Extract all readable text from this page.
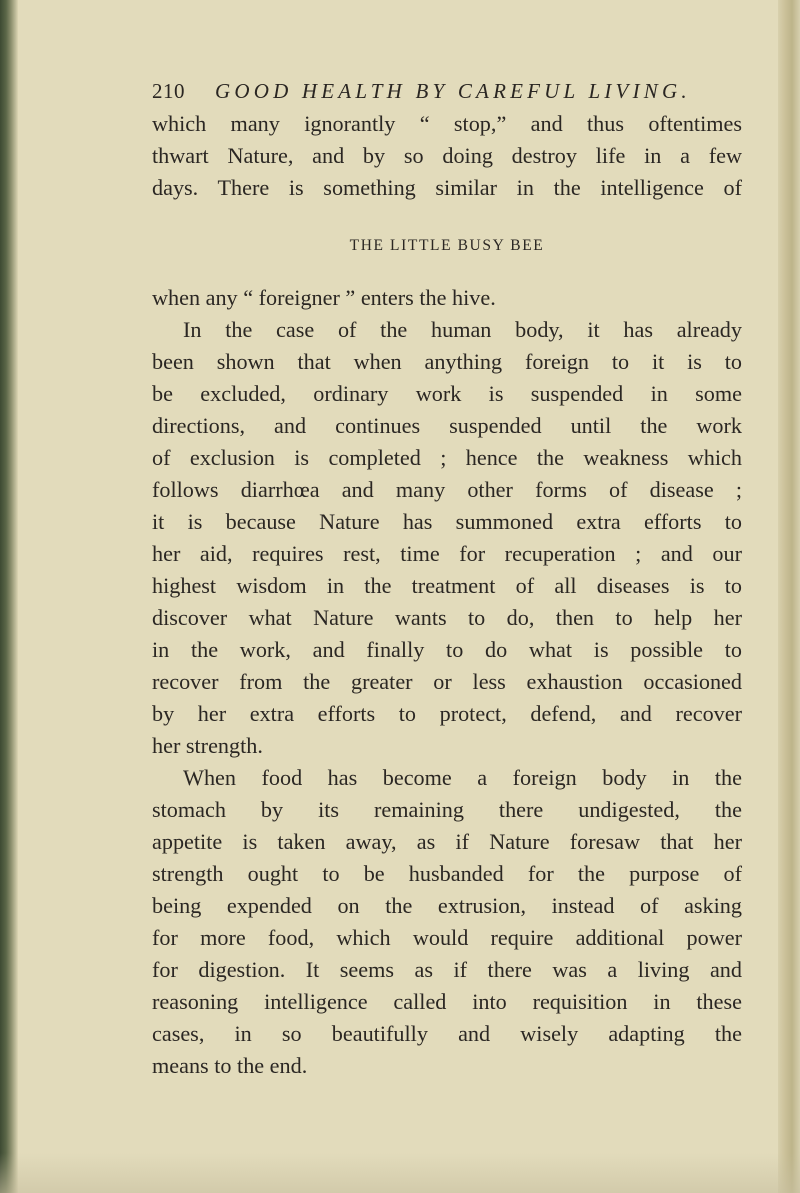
210 GOOD HEALTH BY CAREFUL LIVING.
which many ignorantly “ stop,” and thus oftentimes
thwart Nature, and by so doing destroy life in a few
days. There is something similar in the intelligence of
THE LITTLE BUSY BEE
when any “ foreigner ” enters the hive.
In the case of the human body, it has already
been shown that when anything foreign to it is to
be excluded, ordinary work is suspended in some
directions, and continues suspended until the work
of exclusion is completed ; hence the weakness which
follows diarrhœa and many other forms of disease ;
it is because Nature has summoned extra efforts to
her aid, requires rest, time for recuperation ; and our
highest wisdom in the treatment of all diseases is to
discover what Nature wants to do, then to help her
in the work, and finally to do what is possible to
recover from the greater or less exhaustion occasioned
by her extra efforts to protect, defend, and recover
her strength.
When food has become a foreign body in the
stomach by its remaining there undigested, the
appetite is taken away, as if Nature foresaw that her
strength ought to be husbanded for the purpose of
being expended on the extrusion, instead of asking
for more food, which would require additional power
for digestion. It seems as if there was a living and
reasoning intelligence called into requisition in these
cases, in so beautifully and wisely adapting the
means to the end.
